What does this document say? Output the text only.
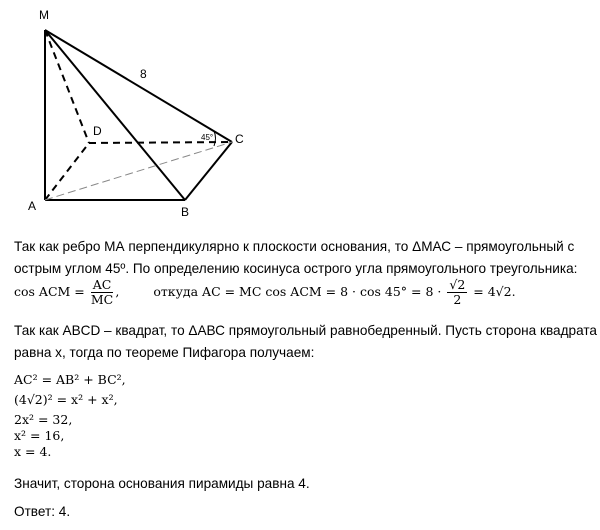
M
A	B
C
D
8
45°
Так как ребро МА перпендикулярно к плоскости основания, то ΔМАС – прямоугольный с
острым углом 45º. По определению косинуса острого угла прямоугольного треугольника:
cos ACM = $\frac{AC}{MC}$ ,	откуда AC = MC cos ACM = $8 \cdot \cos 45^\circ = 8 \cdot \frac{√2}{2} = 4√2$.
Так как ABCD – квадрат, то ΔАВС прямоугольный равнобедренный. Пусть сторона квадрата
равна х, тогда по теореме Пифагора получаем:
AC² = AB² + BC²,
(4√2)² = x² + x²,
2x² = 32,
x² = 16,
x = 4.
Значит, сторона основания пирамиды равна 4.
Ответ: 4.
